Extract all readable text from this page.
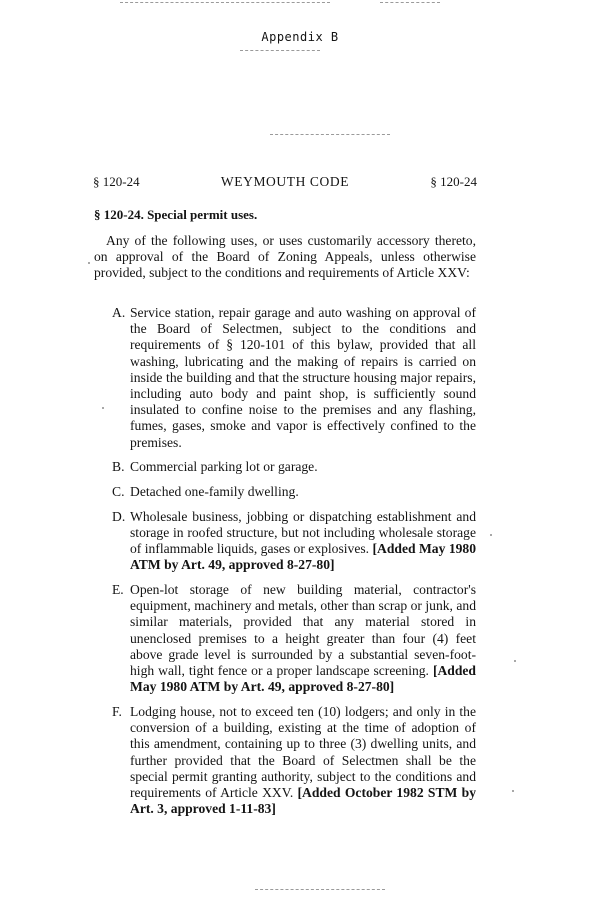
Appendix B
§ 120-24	WEYMOUTH CODE	§ 120-24
§ 120-24. Special permit uses.
Any of the following uses, or uses customarily accessory thereto, on approval of the Board of Zoning Appeals, unless otherwise provided, subject to the conditions and requirements of Article XXV:
A. Service station, repair garage and auto washing on approval of the Board of Selectmen, subject to the conditions and requirements of § 120-101 of this bylaw, provided that all washing, lubricating and the making of repairs is carried on inside the building and that the structure housing major repairs, including auto body and paint shop, is sufficiently sound insulated to confine noise to the premises and any flashing, fumes, gases, smoke and vapor is effectively confined to the premises.
B. Commercial parking lot or garage.
C. Detached one-family dwelling.
D. Wholesale business, jobbing or dispatching establishment and storage in roofed structure, but not including wholesale storage of inflammable liquids, gases or explosives. [Added May 1980 ATM by Art. 49, approved 8-27-80]
E. Open-lot storage of new building material, contractor's equipment, machinery and metals, other than scrap or junk, and similar materials, provided that any material stored in unenclosed premises to a height greater than four (4) feet above grade level is surrounded by a substantial seven-foot-high wall, tight fence or a proper landscape screening. [Added May 1980 ATM by Art. 49, approved 8-27-80]
F. Lodging house, not to exceed ten (10) lodgers; and only in the conversion of a building, existing at the time of adoption of this amendment, containing up to three (3) dwelling units, and further provided that the Board of Selectmen shall be the special permit granting authority, subject to the conditions and requirements of Article XXV. [Added October 1982 STM by Art. 3, approved 1-11-83]
